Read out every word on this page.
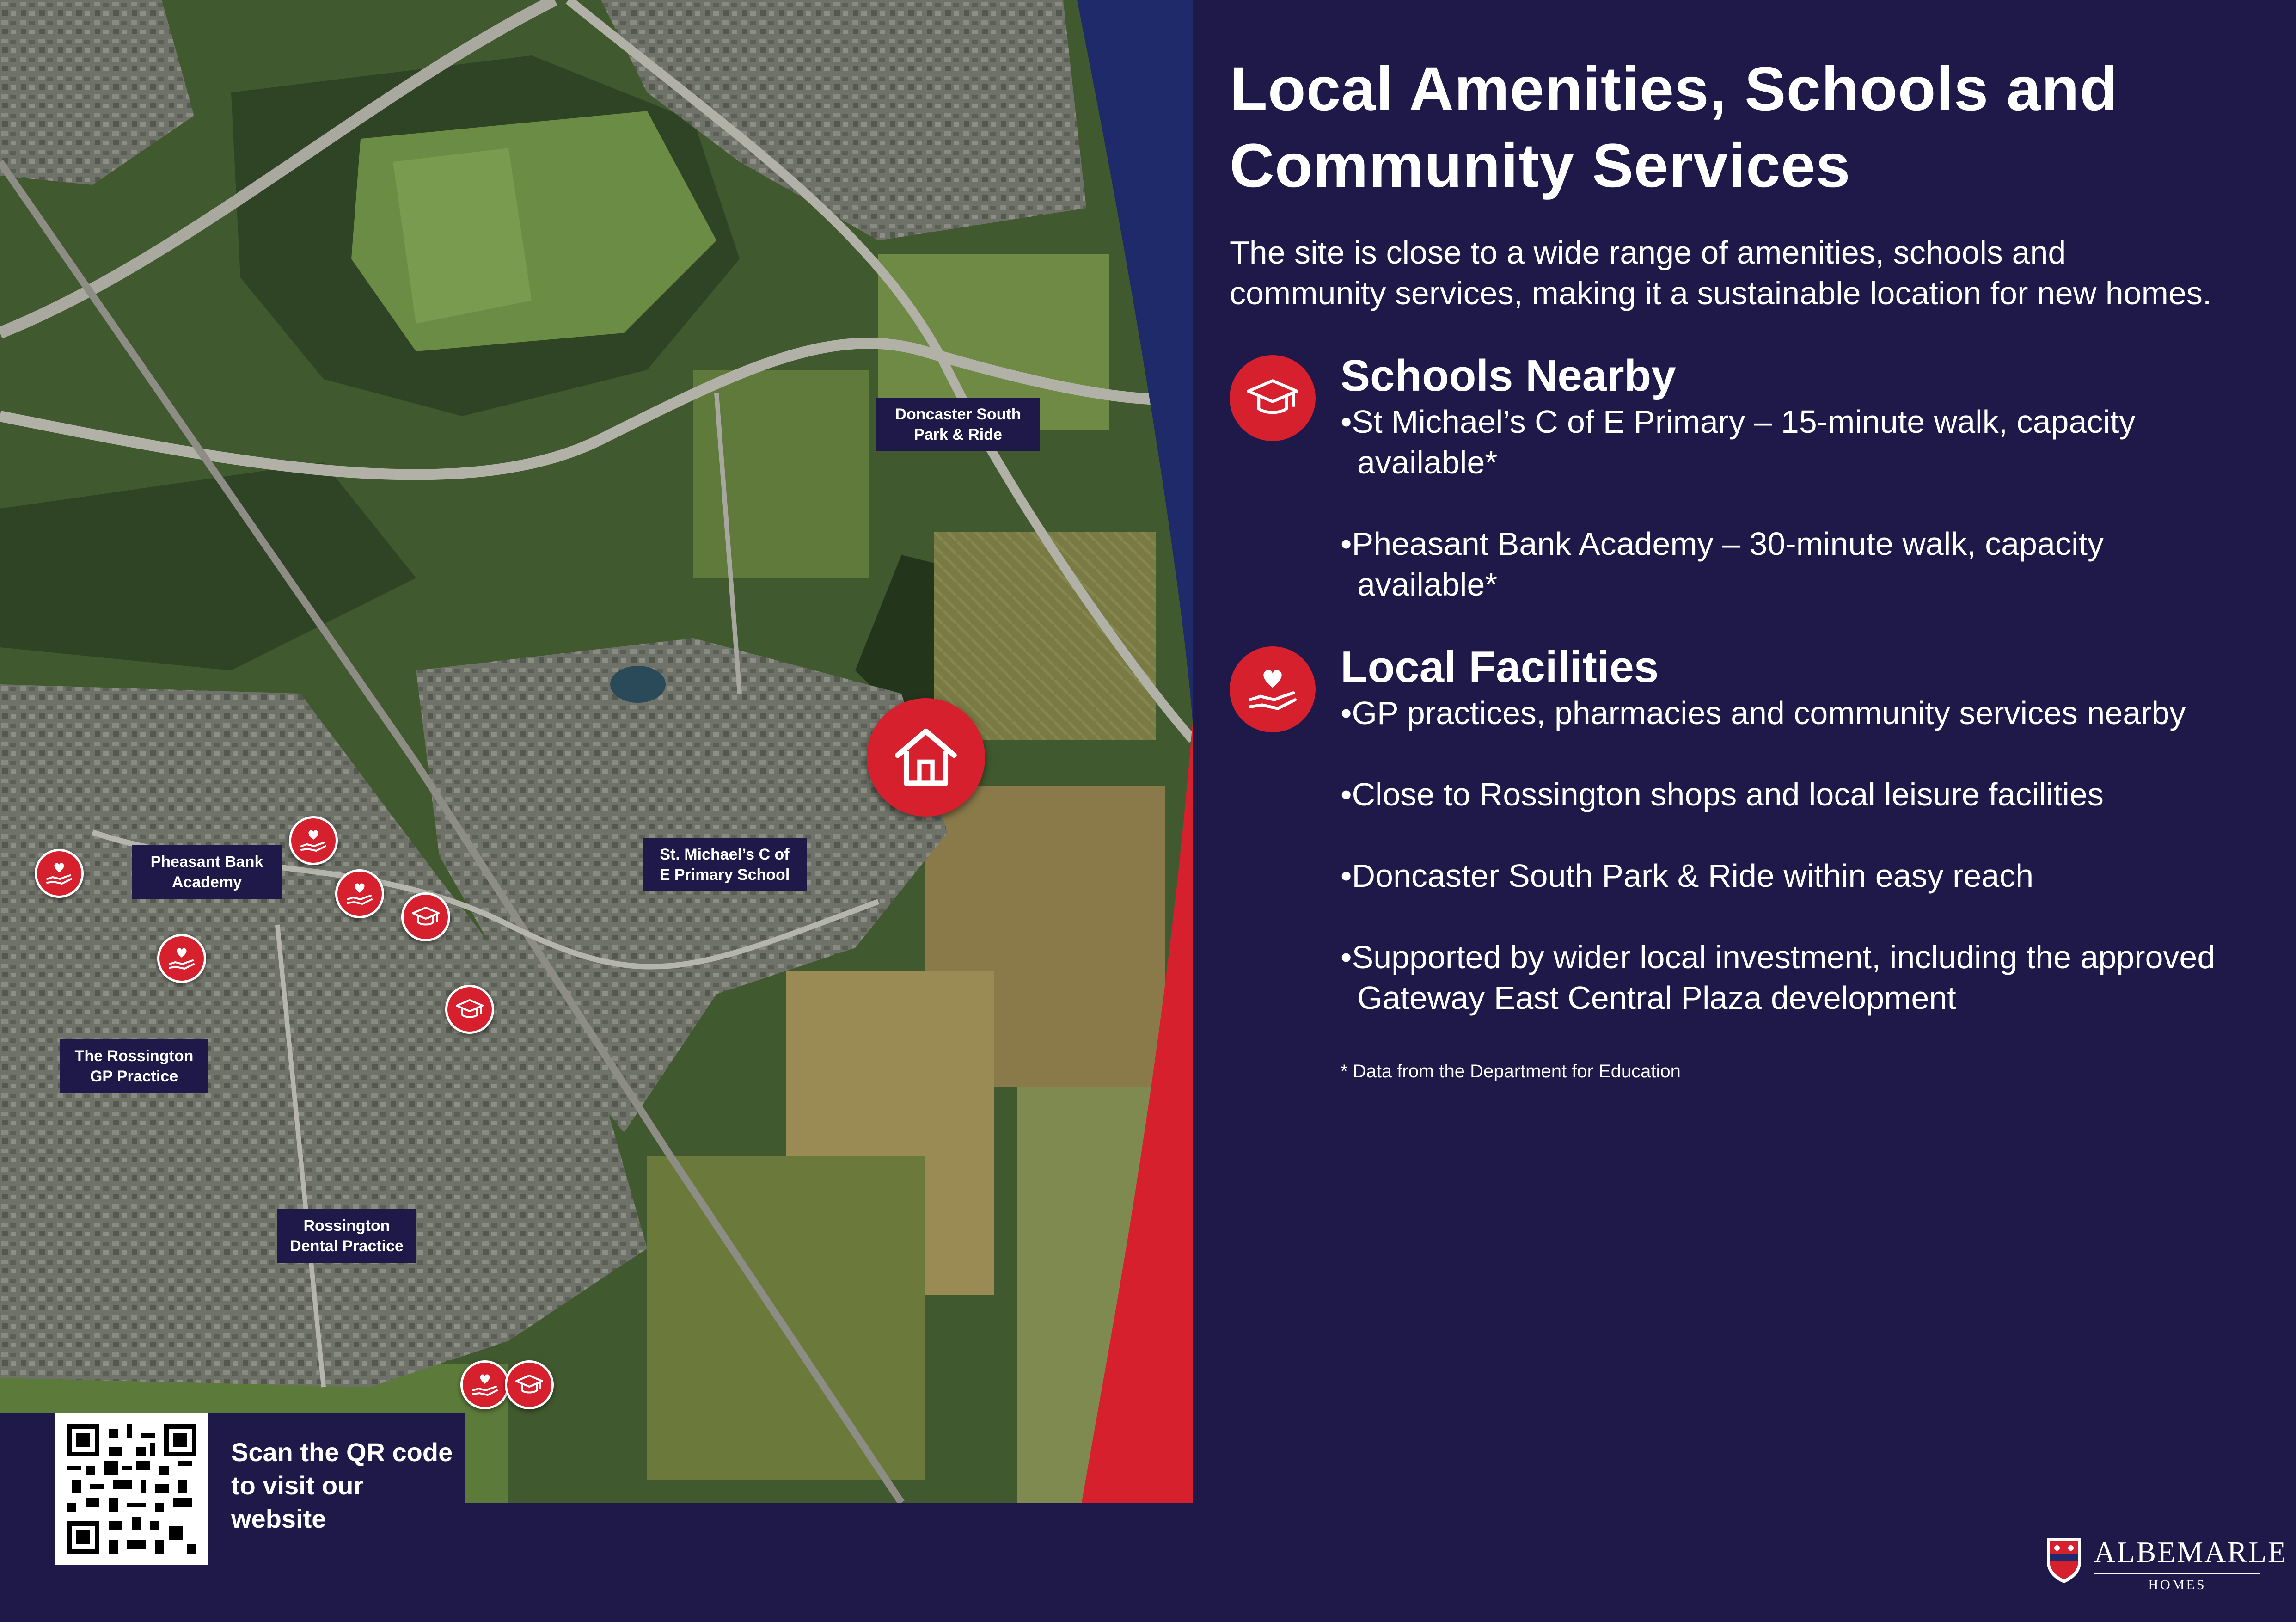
Doncaster South
Park & Ride
Pheasant Bank
Academy
St. Michael’s C of
E Primary School
The Rossington
GP Practice
Rossington
Dental Practice
Scan the QR code to visit our website
Local Amenities, Schools and Community Services
The site is close to a wide range of amenities, schools and community services, making it a sustainable location for new homes.
Schools Nearby

•St Michael’s C of E Primary – 15-minute walk, capacity available*

•Pheasant Bank Academy – 30-minute walk, capacity available*

Local Facilities

•GP practices, pharmacies and community services nearby

•Close to Rossington shops and local leisure facilities

•Doncaster South Park & Ride within easy reach

•Supported by wider local investment, including the approved Gateway East Central Plaza development

* Data from the Department for Education
ALBEMARLE
HOMES
